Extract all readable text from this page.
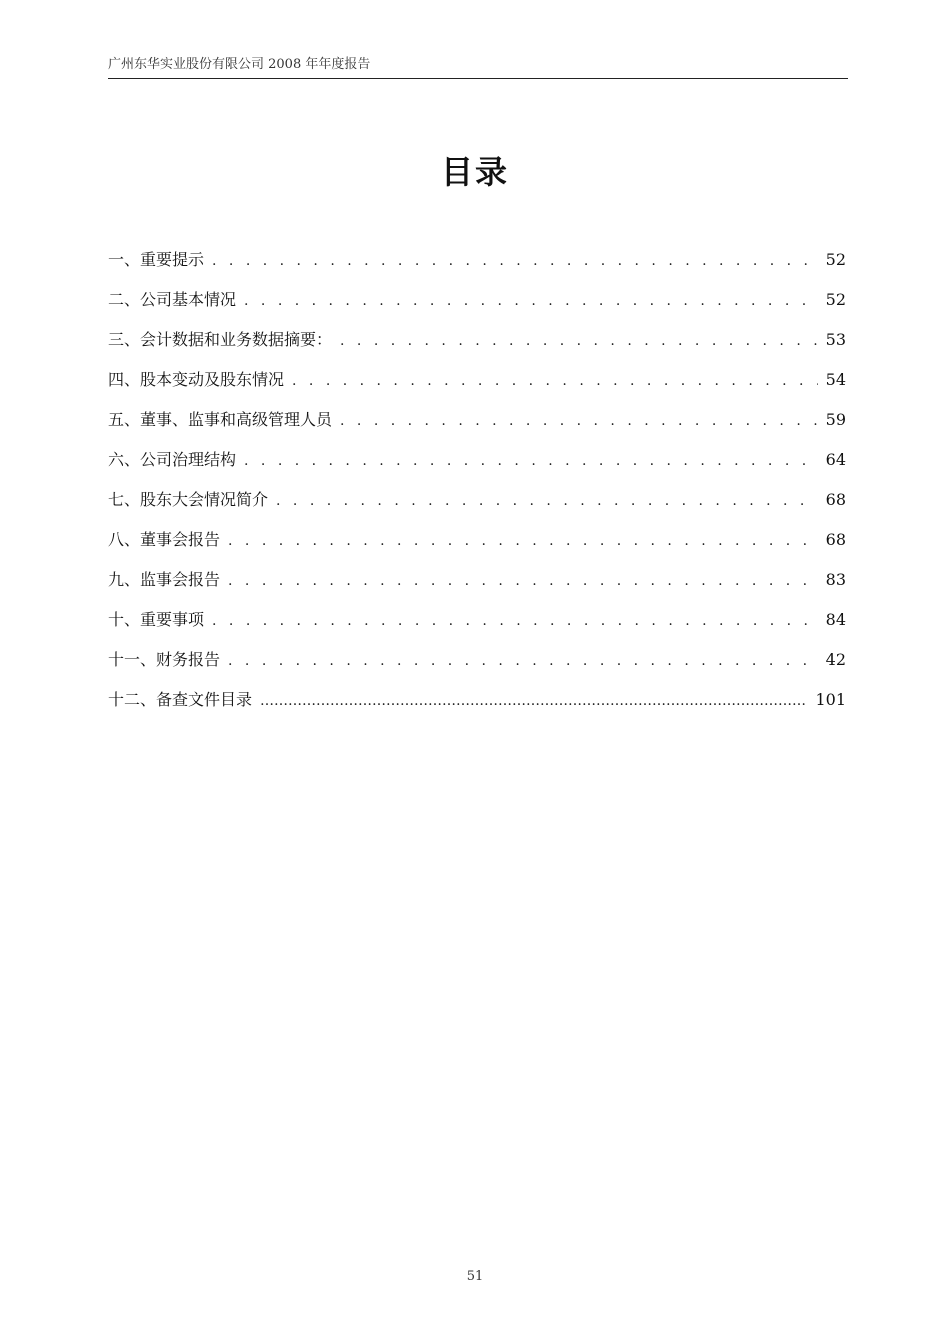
广州东华实业股份有限公司 2008 年年度报告
目录
一、重要提示 . . .	52
二、公司基本情况 . . .	52
三、会计数据和业务数据摘要： . . .	53
四、股本变动及股东情况 . . .	54
五、董事、监事和高级管理人员 . . .	59
六、公司治理结构 . . .	64
七、股东大会情况简介 . . .	68
八、董事会报告 . . .	68
九、监事会报告 . . .	83
十、重要事项 . . .	84
十一、财务报告 . . .	42
十二、备查文件目录 ………………………………………………………………………………………………………………………………………………………………	101
51
